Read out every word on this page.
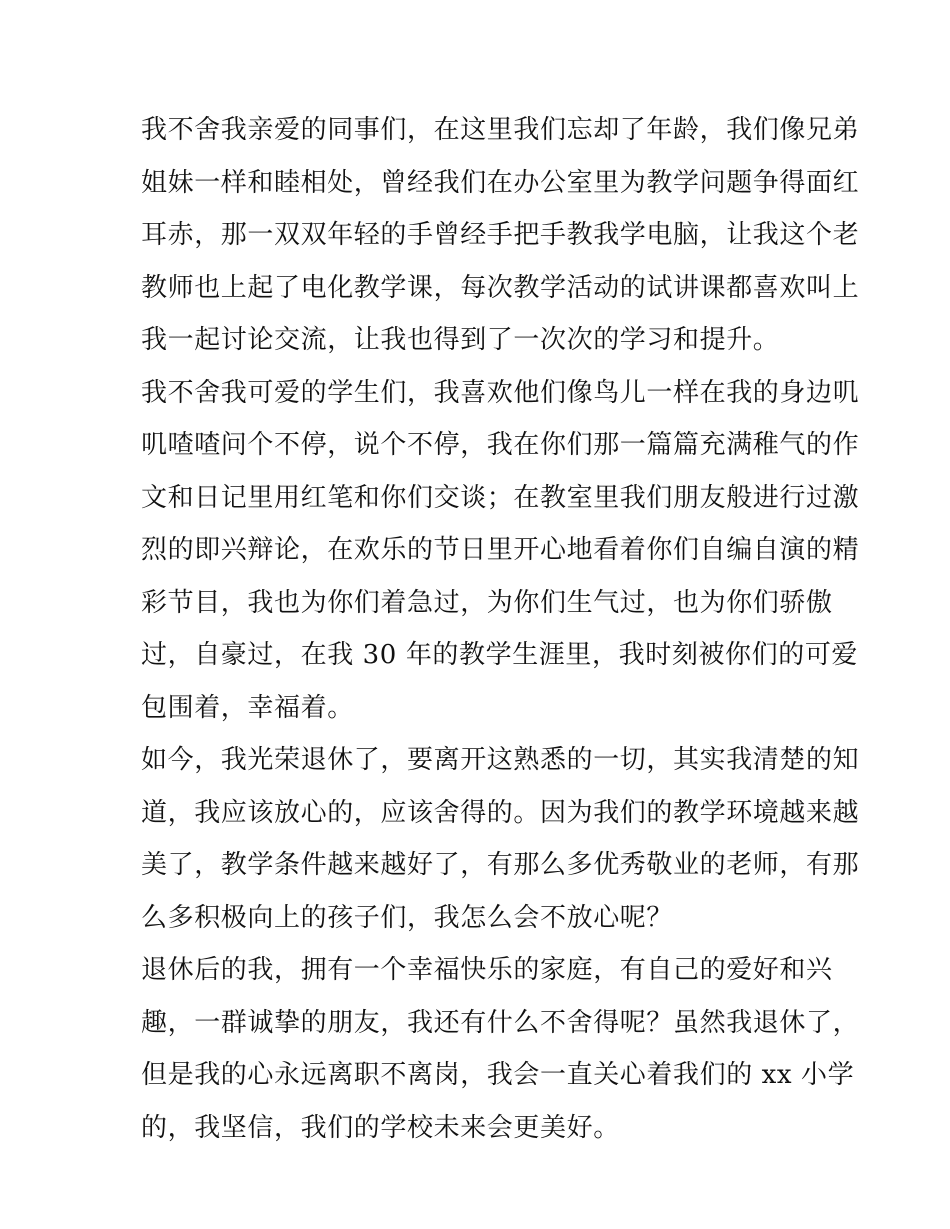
我不舍我亲爱的同事们，在这里我们忘却了年龄，我们像兄弟
姐妹一样和睦相处，曾经我们在办公室里为教学问题争得面红
耳赤，那一双双年轻的手曾经手把手教我学电脑，让我这个老
教师也上起了电化教学课，每次教学活动的试讲课都喜欢叫上
我一起讨论交流，让我也得到了一次次的学习和提升。
我不舍我可爱的学生们，我喜欢他们像鸟儿一样在我的身边叽
叽喳喳问个不停，说个不停，我在你们那一篇篇充满稚气的作
文和日记里用红笔和你们交谈；在教室里我们朋友般进行过激
烈的即兴辩论，在欢乐的节日里开心地看着你们自编自演的精
彩节目，我也为你们着急过，为你们生气过，也为你们骄傲
过，自豪过，在我 30 年的教学生涯里，我时刻被你们的可爱
包围着，幸福着。
如今，我光荣退休了，要离开这熟悉的一切，其实我清楚的知
道，我应该放心的，应该舍得的。因为我们的教学环境越来越
美了，教学条件越来越好了，有那么多优秀敬业的老师，有那
么多积极向上的孩子们，我怎么会不放心呢？
退休后的我，拥有一个幸福快乐的家庭，有自己的爱好和兴
趣，一群诚挚的朋友，我还有什么不舍得呢？虽然我退休了，
但是我的心永远离职不离岗，我会一直关心着我们的 xx 小学
的，我坚信，我们的学校未来会更美好。
